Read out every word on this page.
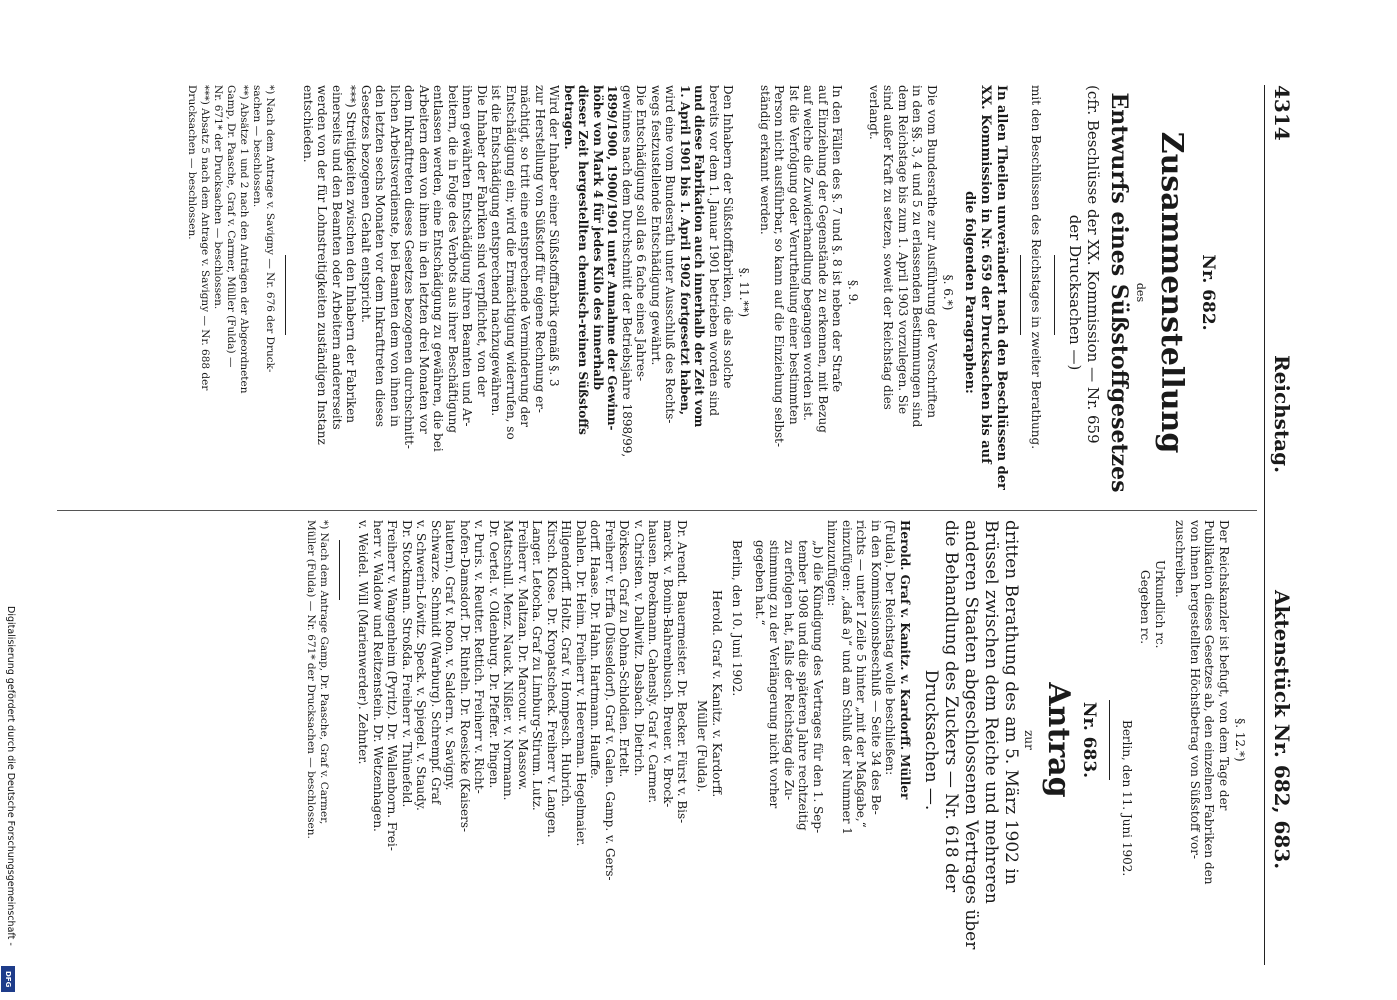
4314
Reichstag.
Aktenstück Nr. 682, 683.
Nr. 682.
Zusammenstellung
des
Entwurfs eines Süßstoffgesetzes
(cfr. Beschlüsse der XX. Kommission — Nr. 659
der Drucksachen —)
mit den Beschlüssen des Reichstages in zweiter Berathung.
In allen Theilen unverändert nach den Beschlüssen der
XX. Kommission in Nr. 659 der Drucksachen bis auf
die folgenden Paragraphen:
§. 6.*)
Die vom Bundesrathe zur Ausführung der Vorschriften
in den §§. 3, 4 und 5 zu erlassenden Bestimmungen sind
dem Reichstage bis zum 1. April 1903 vorzulegen. Sie
sind außer Kraft zu setzen, soweit der Reichstag dies
verlangt.
§. 9.
In den Fällen des §. 7 und §. 8 ist neben der Strafe
auf Einziehung der Gegenstände zu erkennen, mit Bezug
auf welche die Zuwiderhandlung begangen worden ist.
Ist die Verfolgung oder Verurtheilung einer bestimmten
Person nicht ausführbar, so kann auf die Einziehung selbst-
ständig erkannt werden.
§. 11.**)
Den Inhabern der Süßstofffabriken, die als solche
bereits vor dem 1. Januar 1901 betrieben worden sind
und diese Fabrikation auch innerhalb der Zeit vom
1. April 1901 bis 1. April 1902 fortgesetzt haben,
wird eine vom Bundesrath unter Ausschluß des Rechts-
wegs festzustellende Entschädigung gewährt.
Die Entschädigung soll das 6 fache eines Jahres-
gewinnes nach dem Durchschnitt der Betriebsjahre 1898/99,
1899/1900, 1900/1901 unter Annahme der Gewinn-
höhe von Mark 4 für jedes Kilo des innerhalb
dieser Zeit hergestellten chemisch-reinen Süßstoffs
betragen.
Wird der Inhaber einer Süßstofffabrik gemäß §. 3
zur Herstellung von Süßstoff für eigene Rechnung er-
mächtigt, so tritt eine entsprechende Verminderung der
Entschädigung ein; wird die Ermächtigung widerrufen, so
ist die Entschädigung entsprechend nachzugewähren.
Die Inhaber der Fabriken sind verpflichtet, von der
ihnen gewährten Entschädigung ihren Beamten und Ar-
beitern, die in Folge des Verbots aus ihrer Beschäftigung
entlassen werden, eine Entschädigung zu gewähren, die bei
Arbeitern dem von ihnen in den letzten drei Monaten vor
dem Inkrafttreten dieses Gesetzes bezogenen durchschnitt-
lichen Arbeitsverdienste, bei Beamten dem von ihnen in
den letzten sechs Monaten vor dem Inkrafttreten dieses
Gesetzes bezogenen Gehalt entspricht.
***) Streitigkeiten zwischen den Inhabern der Fabriken
einerseits und den Beamten oder Arbeitern andererseits
werden von der für Lohnstreitigkeiten zuständigen Instanz
entschieden.
*) Nach dem Antrage v. Savigny — Nr. 676 der Druck-
sachen — beschlossen.
**) Absätze 1 und 2 nach den Anträgen der Abgeordneten
Gamp, Dr. Paasche, Graf v. Carmer, Müller (Fulda) —
Nr. 671* der Drucksachen — beschlossen.
***) Absatz 5 nach dem Antrage v. Savigny — Nr. 688 der
Drucksachen — beschlossen.
§. 12.*)
Der Reichskanzler ist befugt, von dem Tage der
Publikation dieses Gesetzes ab, den einzelnen Fabriken den
von ihnen hergestellten Höchstbetrag von Süßstoff vor-
zuschreiben.
Urkundlich rc.
Gegeben rc.
Berlin, den 11. Juni 1902.
Nr. 683.
Antrag
zur
dritten Berathung des am 5. März 1902 in
Brüssel zwischen dem Reiche und mehreren
anderen Staaten abgeschlossenen Vertrages über
die Behandlung des Zuckers — Nr. 618 der
Drucksachen —.
Herold. Graf v. Kanitz. v. Kardorff. Müller
(Fulda). Der Reichstag wolle beschließen:
in den Kommissionsbeschluß — Seite 34 des Be-
richts — unter I Zeile 5 hinter „mit der Maßgabe,“
einzufügen: „daß a)“ und am Schluß der Nummer 1
hinzuzufügen:
„b) die Kündigung des Vertrages für den 1. Sep-
tember 1908 und die späteren Jahre rechtzeitig
zu erfolgen hat, falls der Reichstag die Zu-
stimmung zu der Verlängerung nicht vorher
gegeben hat.“
Berlin, den 10. Juni 1902.
Herold. Graf v. Kanitz. v. Kardorff.
Müller (Fulda).
Dr. Arendt. Bauermeister. Dr. Becker. Fürst v. Bis-
marck. v. Bonin-Bahrenbusch. Breuer. v. Brock-
hausen. Broekmann. Cahensly. Graf v. Carmer.
v. Christen. v. Dallwitz. Dasbach. Dietrich.
Dörksen. Graf zu Dohna-Schlodien. Ertelt.
Freiherr v. Erffa (Düsseldorf). Graf v. Galen. Gamp. v. Gers-
dorff. Haase. Dr. Hahn. Hartmann. Hauffe.
Dahlen. Dr. Heim. Freiherr v. Heereman. Hegelmaier.
Hilgendorff. Holtz. Graf v. Hompesch. Hubrich.
Kirsch. Klose. Dr. Kropatscheck. Freiherr v. Langen.
Langer. Letocha. Graf zu Limburg-Stirum. Lutz.
Freiherr v. Maltzan. Dr. Marcour. v. Massow.
Mattschull. Menz. Nauck. Nißler. v. Normann.
Dr. Oertel. v. Oldenburg. Dr. Pfeffer. Pingen.
v. Puris. v. Reutter. Rettich. Freiherr v. Richt-
hofen-Damsdorf. Dr. Rinteln. Dr. Roesicke (Kaisers-
lautern). Graf v. Roon. v. Saldern. v. Savigny.
Schwarze. Schmidt (Warburg). Schrempf. Graf
v. Schwerin-Löwitz. Speck. v. Spiegel. v. Staudy.
Dr. Stockmann. Stroßda. Freiherr v. Thünefeld.
Freiherr v. Wangenheim (Pyritz). Dr. Wallenborn. Frei-
herr v. Waldow und Reitzenstein. Dr. Wetzenhagen.
v. Weidel. Will (Marienwerder). Zehnter.
*) Nach dem Antrage Gamp, Dr. Paasche, Graf v. Carmer,
Müller (Fulda) — Nr. 671* der Drucksachen — beschlossen.
Digitalisierung gefördert durch die Deutsche Forschungsgemeinschaft -
DFG
